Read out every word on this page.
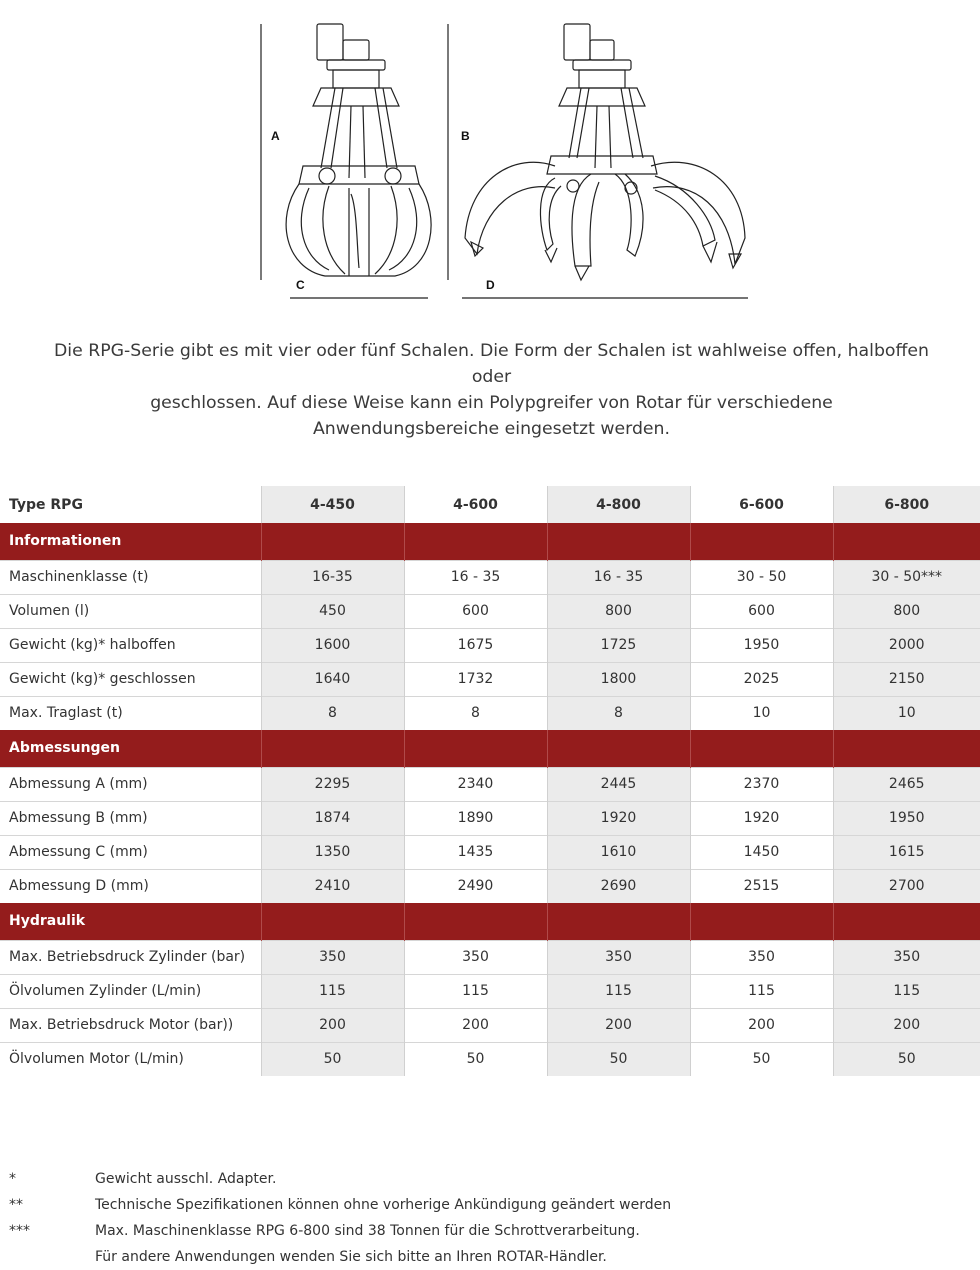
A	B
C	D
Die RPG-Serie gibt es mit vier oder fünf Schalen. Die Form der Schalen ist wahlweise offen, halboffen oder
geschlossen. Auf diese Weise kann ein Polypgreifer von Rotar für verschiedene
Anwendungsbereiche eingesetzt werden.
Type RPG	4-450	4-600	4-800	6-600	6-800
Informationen					
Maschinenklasse (t)	16-35	16 - 35	16 - 35	30 - 50	30 - 50***
Volumen (l)	450	600	800	600	800
Gewicht (kg)* halboffen	1600	1675	1725	1950	2000
Gewicht (kg)* geschlossen	1640	1732	1800	2025	2150
Max. Traglast (t)	8	8	8	10	10
Abmessungen					
Abmessung A (mm)	2295	2340	2445	2370	2465
Abmessung B (mm)	1874	1890	1920	1920	1950
Abmessung C (mm)	1350	1435	1610	1450	1615
Abmessung D (mm)	2410	2490	2690	2515	2700
Hydraulik					
Max. Betriebsdruck Zylinder (bar)	350	350	350	350	350
Ölvolumen Zylinder (L/min)	115	115	115	115	115
Max. Betriebsdruck Motor (bar))	200	200	200	200	200
Ölvolumen Motor (L/min)	50	50	50	50	50
*	Gewicht ausschl. Adapter.
**	Technische Spezifikationen können ohne vorherige Ankündigung geändert werden
***	Max. Maschinenklasse RPG 6-800 sind 38 Tonnen für die Schrottverarbeitung.
Für andere Anwendungen wenden Sie sich bitte an Ihren ROTAR-Händler.
